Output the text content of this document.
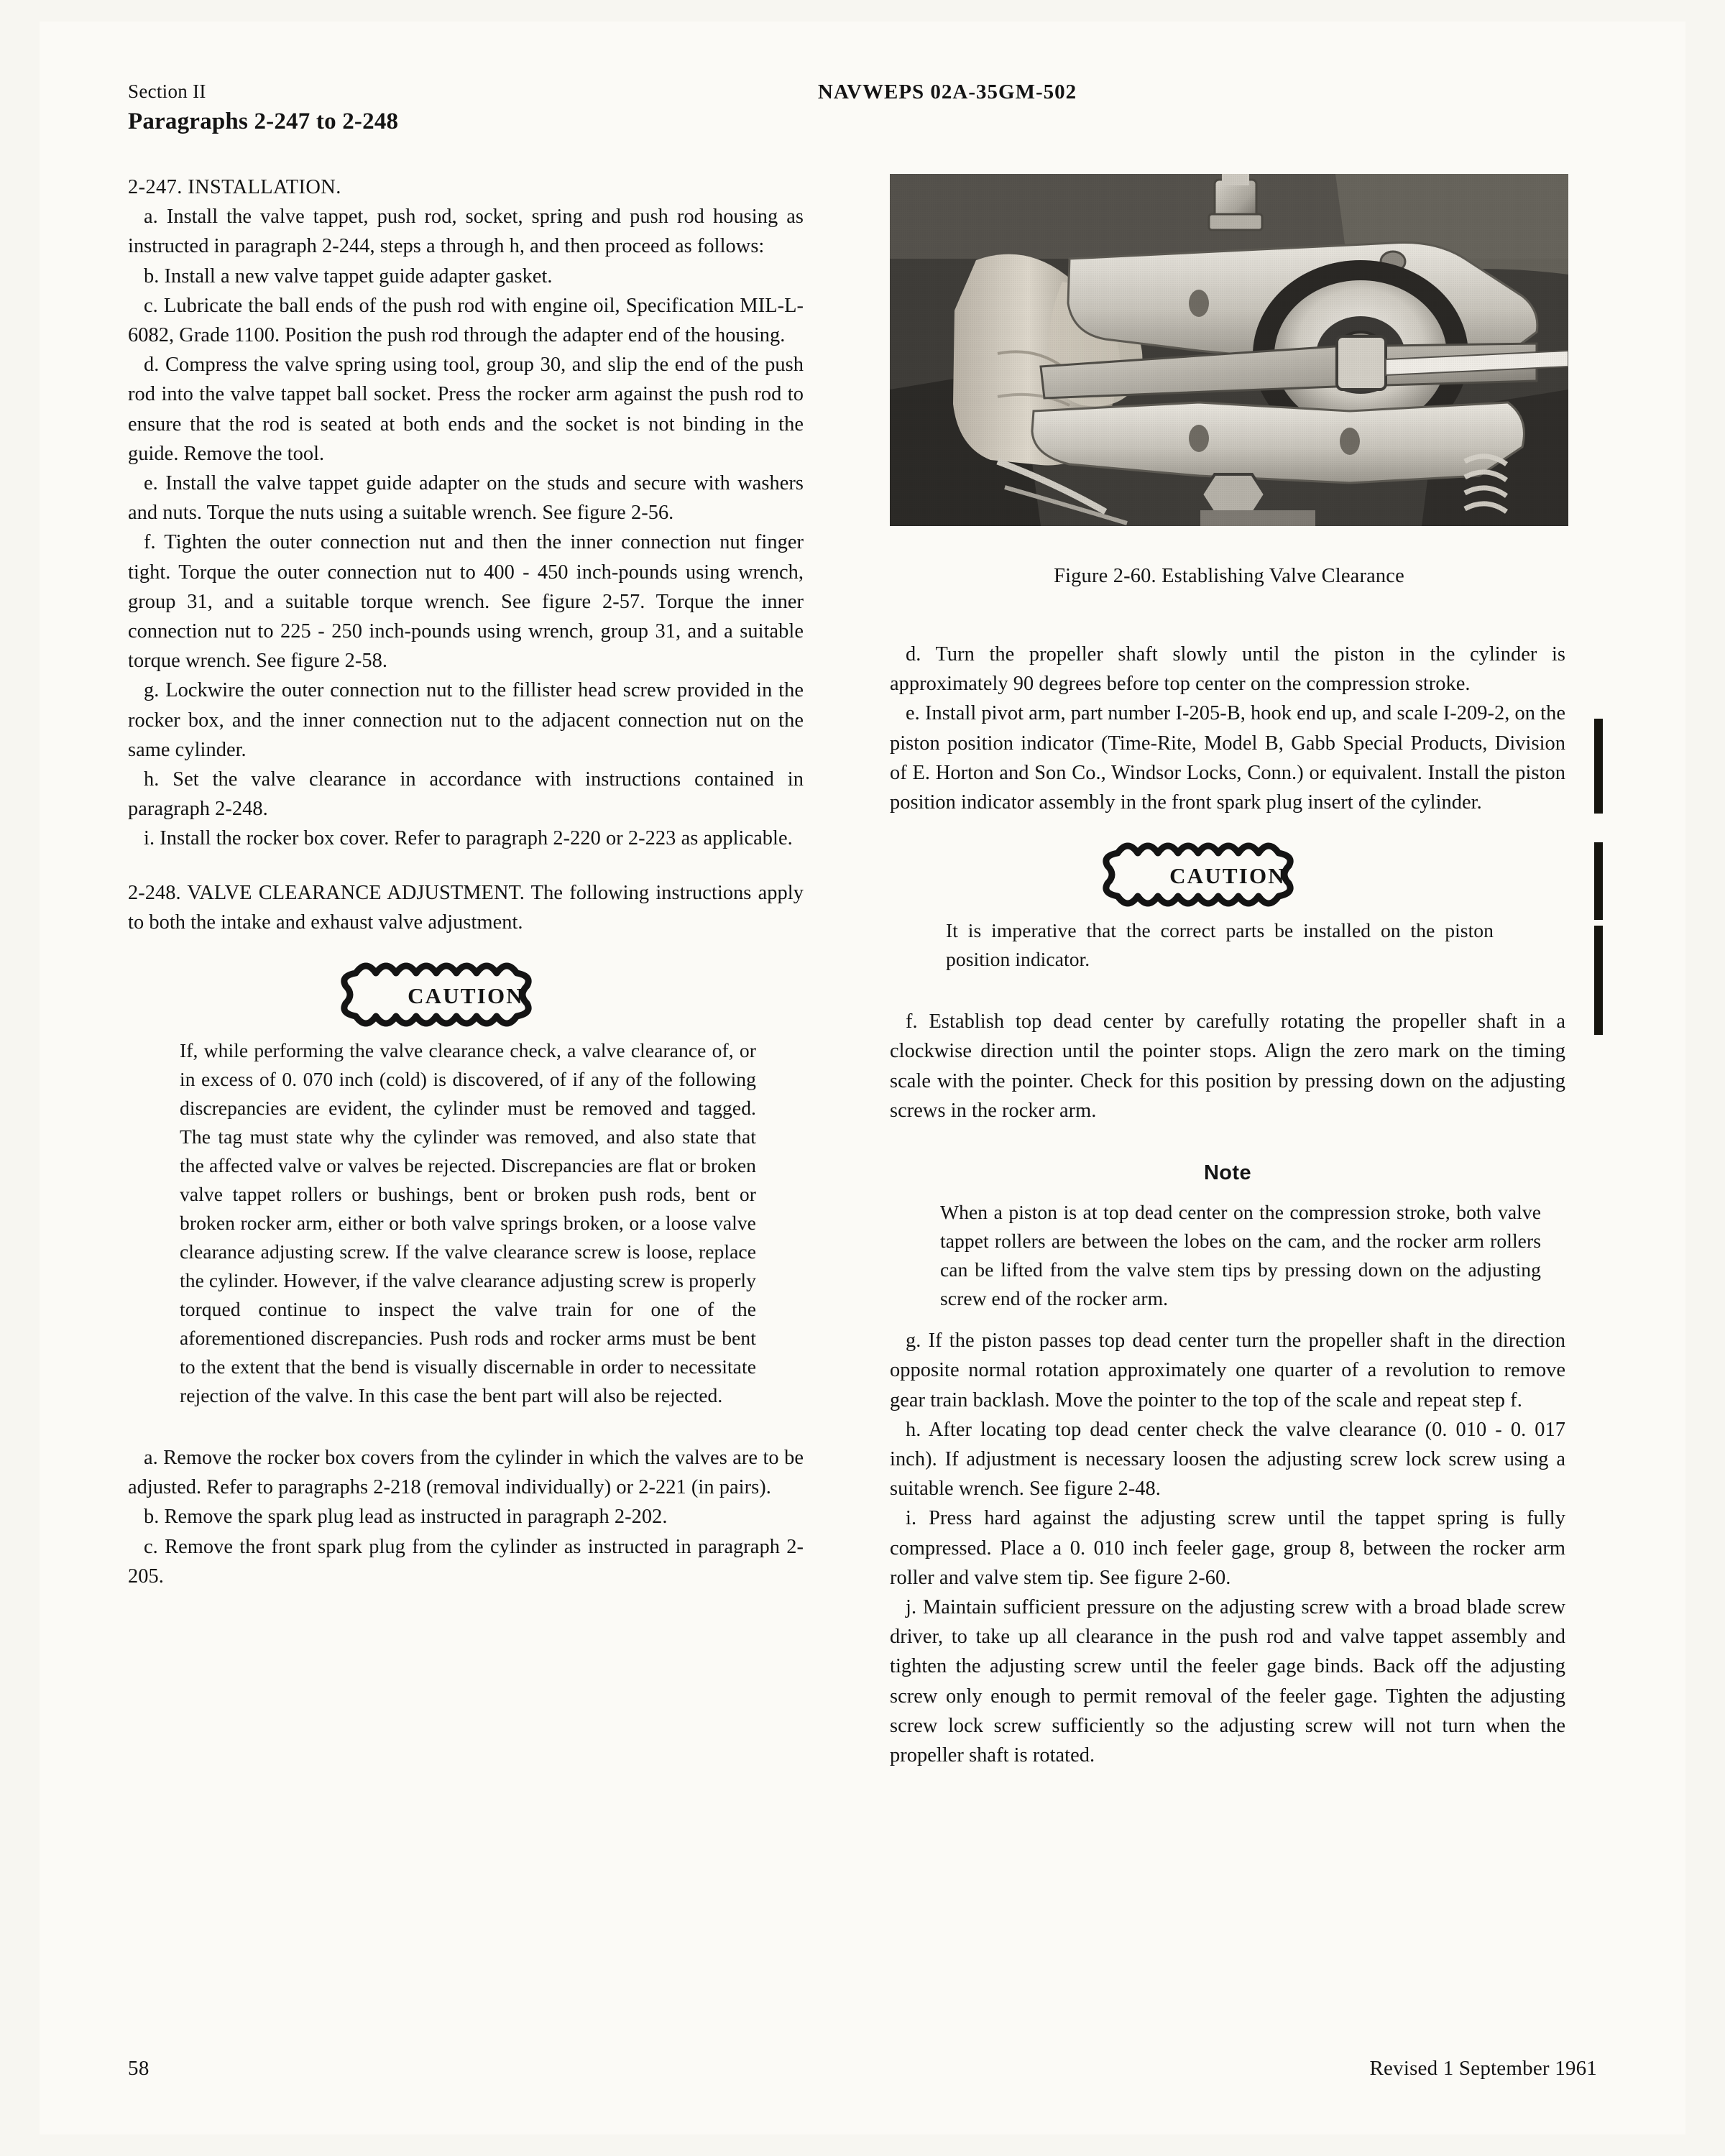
Section II
Paragraphs 2-247 to 2-248
NAVWEPS 02A-35GM-502
Figure 2-60. Establishing Valve Clearance

2-247. INSTALLATION.

a. Install the valve tappet, push rod, socket, spring and push rod housing as instructed in paragraph 2-244, steps a through h, and then proceed as follows:

b. Install a new valve tappet guide adapter gasket.

c. Lubricate the ball ends of the push rod with engine oil, Specification MIL-L-6082, Grade 1100. Position the push rod through the adapter end of the housing.

d. Compress the valve spring using tool, group 30, and slip the end of the push rod into the valve tappet ball socket. Press the rocker arm against the push rod to ensure that the rod is seated at both ends and the socket is not binding in the guide. Remove the tool.

e. Install the valve tappet guide adapter on the studs and secure with washers and nuts. Torque the nuts using a suitable wrench. See figure 2-56.

f. Tighten the outer connection nut and then the inner connection nut finger tight. Torque the outer connection nut to 400 - 450 inch-pounds using wrench, group 31, and a suitable torque wrench. See figure 2-57. Torque the inner connection nut to 225 - 250 inch-pounds using wrench, group 31, and a suitable torque wrench. See figure 2-58.

g. Lockwire the outer connection nut to the fillister head screw provided in the rocker box, and the inner connection nut to the adjacent connection nut on the same cylinder.

h. Set the valve clearance in accordance with instructions contained in paragraph 2-248.

i. Install the rocker box cover. Refer to paragraph 2-220 or 2-223 as applicable.

2-248. VALVE CLEARANCE ADJUSTMENT. The following instructions apply to both the intake and exhaust valve adjustment.

CAUTION

If, while performing the valve clearance check, a valve clearance of, or in excess of 0. 070 inch (cold) is discovered, of if any of the following discrepancies are evident, the cylinder must be removed and tagged. The tag must state why the cylinder was removed, and also state that the affected valve or valves be rejected. Discrepancies are flat or broken valve tappet rollers or bushings, bent or broken push rods, bent or broken rocker arm, either or both valve springs broken, or a loose valve clearance adjusting screw. If the valve clearance screw is loose, replace the cylinder. However, if the valve clearance adjusting screw is properly torqued continue to inspect the valve train for one of the aforementioned discrepancies. Push rods and rocker arms must be bent to the extent that the bend is visually discernable in order to necessitate rejection of the valve. In this case the bent part will also be rejected.

a. Remove the rocker box covers from the cylinder in which the valves are to be adjusted. Refer to paragraphs 2-218 (removal individually) or 2-221 (in pairs).

b. Remove the spark plug lead as instructed in paragraph 2-202.

c. Remove the front spark plug from the cylinder as instructed in paragraph 2-205.

d. Turn the propeller shaft slowly until the piston in the cylinder is approximately 90 degrees before top center on the compression stroke.

e. Install pivot arm, part number I-205-B, hook end up, and scale I-209-2, on the piston position indicator (Time-Rite, Model B, Gabb Special Products, Division of E. Horton and Son Co., Windsor Locks, Conn.) or equivalent. Install the piston position indicator assembly in the front spark plug insert of the cylinder.

CAUTION

It is imperative that the correct parts be installed on the piston position indicator.

f. Establish top dead center by carefully rotating the propeller shaft in a clockwise direction until the pointer stops. Align the zero mark on the timing scale with the pointer. Check for this position by pressing down on the adjusting screws in the rocker arm.

Note

When a piston is at top dead center on the compression stroke, both valve tappet rollers are between the lobes on the cam, and the rocker arm rollers can be lifted from the valve stem tips by pressing down on the adjusting screw end of the rocker arm.

g. If the piston passes top dead center turn the propeller shaft in the direction opposite normal rotation approximately one quarter of a revolution to remove gear train backlash. Move the pointer to the top of the scale and repeat step f.

h. After locating top dead center check the valve clearance (0. 010 - 0. 017 inch). If adjustment is necessary loosen the adjusting screw lock screw using a suitable wrench. See figure 2-48.

i. Press hard against the adjusting screw until the tappet spring is fully compressed. Place a 0. 010 inch feeler gage, group 8, between the rocker arm roller and valve stem tip. See figure 2-60.

j. Maintain sufficient pressure on the adjusting screw with a broad blade screw driver, to take up all clearance in the push rod and valve tappet assembly and tighten the adjusting screw until the feeler gage binds. Back off the adjusting screw only enough to permit removal of the feeler gage. Tighten the adjusting screw lock screw sufficiently so the adjusting screw will not turn when the propeller shaft is rotated.

58	Revised 1 September 1961
